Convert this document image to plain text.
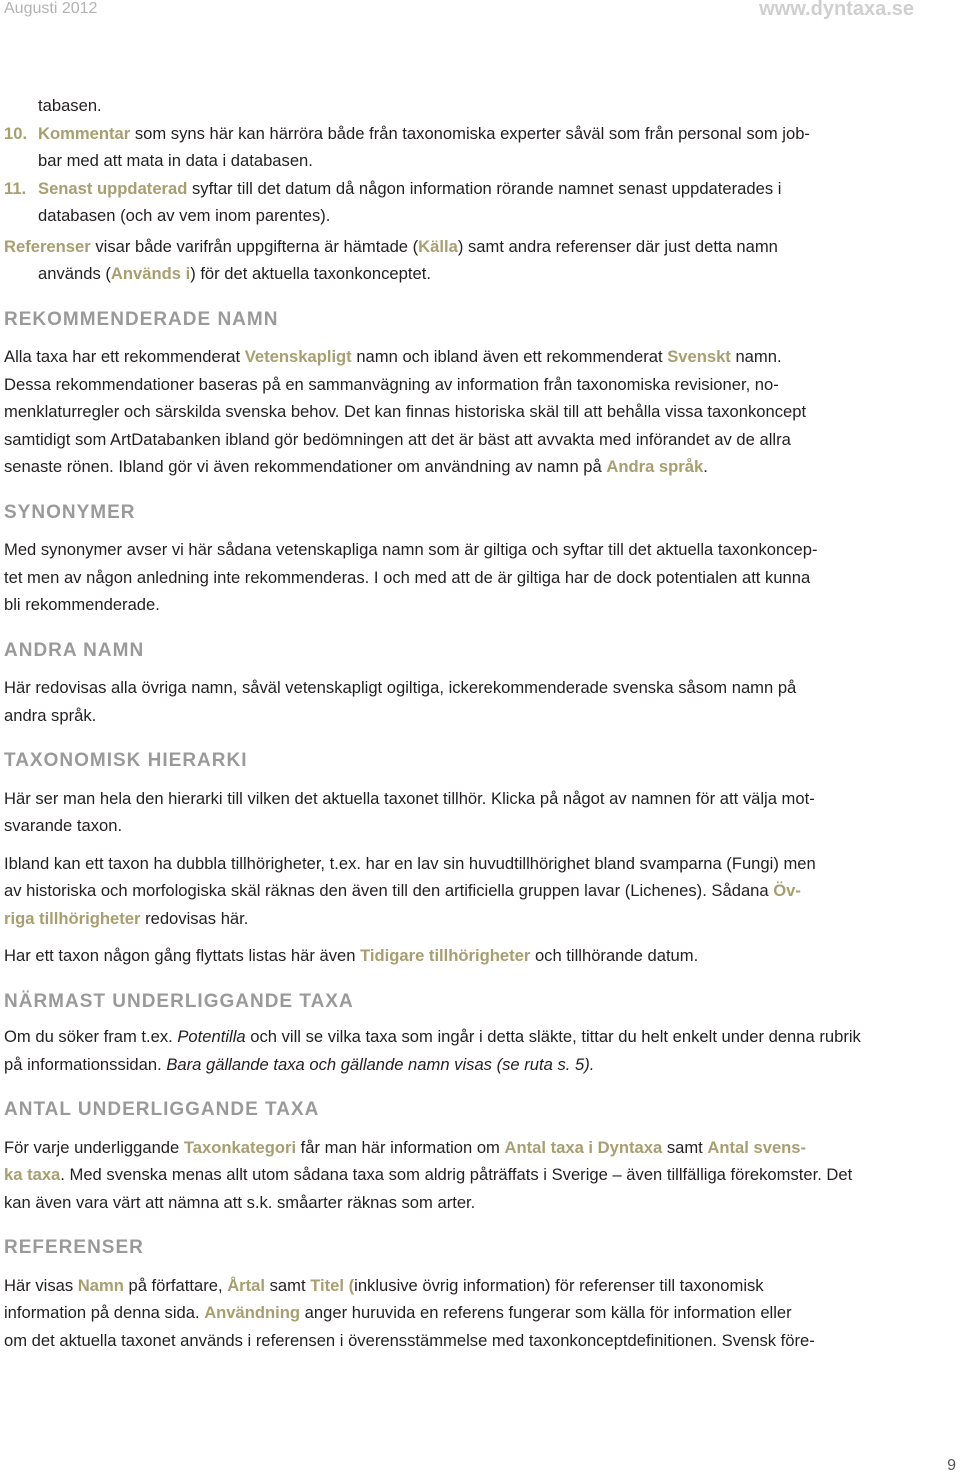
Augusti 2012	www.dyntaxa.se

tabasen.

10. Kommentar som syns här kan härröra både från taxonomiska experter såväl som från personal som job-
bar med att mata in data i databasen.

11. Senast uppdaterad syftar till det datum då någon information rörande namnet senast uppdaterades i
databasen (och av vem inom parentes).

Referenser visar både varifrån uppgifterna är hämtade (Källa) samt andra referenser där just detta namn
används (Används i) för det aktuella taxonkonceptet.

REKOMMENDERADE NAMN

Alla taxa har ett rekommenderat Vetenskapligt namn och ibland även ett rekommenderat Svenskt namn.
Dessa rekommendationer baseras på en sammanvägning av information från taxonomiska revisioner, no-
menklaturregler och särskilda svenska behov. Det kan finnas historiska skäl till att behålla vissa taxonkoncept
samtidigt som ArtDatabanken ibland gör bedömningen att det är bäst att avvakta med införandet av de allra
senaste rönen. Ibland gör vi även rekommendationer om användning av namn på Andra språk.

SYNONYMER

Med synonymer avser vi här sådana vetenskapliga namn som är giltiga och syftar till det aktuella taxonkoncep-
tet men av någon anledning inte rekommenderas. I och med att de är giltiga har de dock potentialen att kunna
bli rekommenderade.

ANDRA NAMN

Här redovisas alla övriga namn, såväl vetenskapligt ogiltiga, ickerekommenderade svenska såsom namn på
andra språk.

TAXONOMISK HIERARKI

Här ser man hela den hierarki till vilken det aktuella taxonet tillhör. Klicka på något av namnen för att välja mot-
svarande taxon.

Ibland kan ett taxon ha dubbla tillhörigheter, t.ex. har en lav sin huvudtillhörighet bland svamparna (Fungi) men
av historiska och morfologiska skäl räknas den även till den artificiella gruppen lavar (Lichenes). Sådana Öv-
riga tillhörigheter redovisas här.

Har ett taxon någon gång flyttats listas här även Tidigare tillhörigheter och tillhörande datum.

NÄRMAST UNDERLIGGANDE TAXA

Om du söker fram t.ex. Potentilla och vill se vilka taxa som ingår i detta släkte, tittar du helt enkelt under denna rubrik
på informationssidan. Bara gällande taxa och gällande namn visas (se ruta s. 5).

ANTAL UNDERLIGGANDE TAXA

För varje underliggande Taxonkategori får man här information om Antal taxa i Dyntaxa samt Antal svens-
ka taxa. Med svenska menas allt utom sådana taxa som aldrig påträffats i Sverige – även tillfälliga förekomster. Det
kan även vara värt att nämna att s.k. småarter räknas som arter.

REFERENSER

Här visas Namn på författare, Årtal samt Titel (inklusive övrig information) för referenser till taxonomisk
information på denna sida. Användning anger huruvida en referens fungerar som källa för information eller
om det aktuella taxonet används i referensen i överensstämmelse med taxonkonceptdefinitionen. Svensk före-

9
